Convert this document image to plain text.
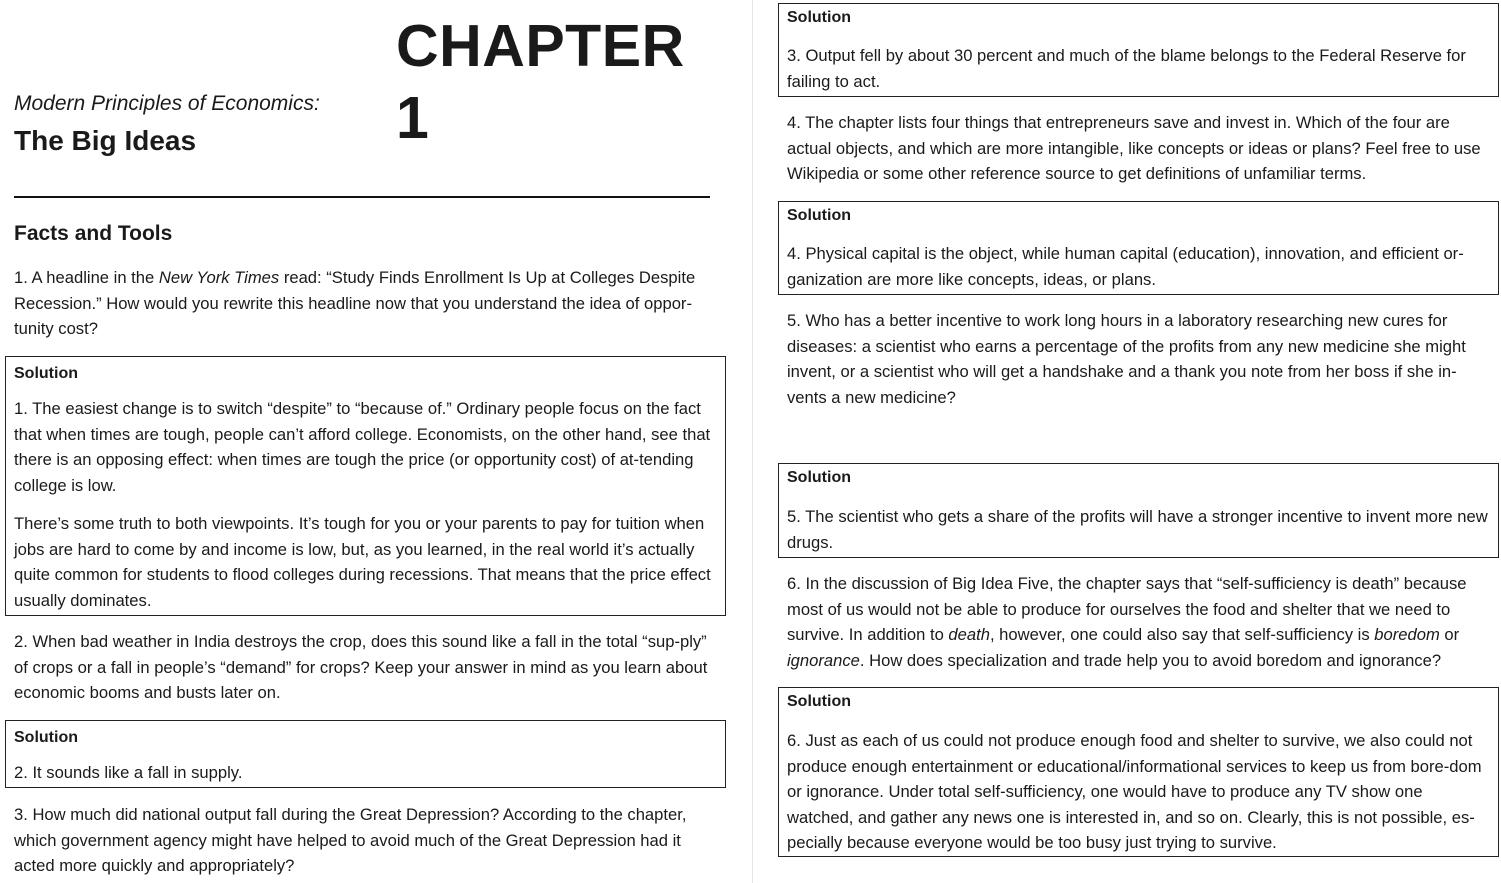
CHAPTER 1
Modern Principles of Economics:
The Big Ideas
Facts and Tools

1. A headline in the New York Times read: “Study Finds Enrollment Is Up at Colleges Despite Recession.” How would you rewrite this headline now that you understand the idea of oppor-tunity cost?

Solution

1. The easiest change is to switch “despite” to “because of.” Ordinary people focus on the fact that when times are tough, people can’t afford college. Economists, on the other hand, see that there is an opposing effect: when times are tough the price (or opportunity cost) of at-tending college is low.

There’s some truth to both viewpoints. It’s tough for you or your parents to pay for tuition when jobs are hard to come by and income is low, but, as you learned, in the real world it’s actually quite common for students to flood colleges during recessions. That means that the price effect usually dominates.

2. When bad weather in India destroys the crop, does this sound like a fall in the total “sup-ply” of crops or a fall in people’s “demand” for crops? Keep your answer in mind as you learn about economic booms and busts later on.

Solution

2. It sounds like a fall in supply.

3. How much did national output fall during the Great Depression? According to the chapter, which government agency might have helped to avoid much of the Great Depression had it acted more quickly and appropriately?

Solution

3. Output fell by about 30 percent and much of the blame belongs to the Federal Reserve for failing to act.

4. The chapter lists four things that entrepreneurs save and invest in. Which of the four are actual objects, and which are more intangible, like concepts or ideas or plans? Feel free to use Wikipedia or some other reference source to get definitions of unfamiliar terms.

Solution

4. Physical capital is the object, while human capital (education), innovation, and efficient or-ganization are more like concepts, ideas, or plans.

5. Who has a better incentive to work long hours in a laboratory researching new cures for diseases: a scientist who earns a percentage of the profits from any new medicine she might invent, or a scientist who will get a handshake and a thank you note from her boss if she in-vents a new medicine?

Solution

5. The scientist who gets a share of the profits will have a stronger incentive to invent more new drugs.

6. In the discussion of Big Idea Five, the chapter says that “self-sufficiency is death” because most of us would not be able to produce for ourselves the food and shelter that we need to survive. In addition to death, however, one could also say that self-sufficiency is boredom or ignorance. How does specialization and trade help you to avoid boredom and ignorance?

Solution

6. Just as each of us could not produce enough food and shelter to survive, we also could not produce enough entertainment or educational/informational services to keep us from bore-dom or ignorance. Under total self-sufficiency, one would have to produce any TV show one watched, and gather any news one is interested in, and so on. Clearly, this is not possible, es-pecially because everyone would be too busy just trying to survive.
